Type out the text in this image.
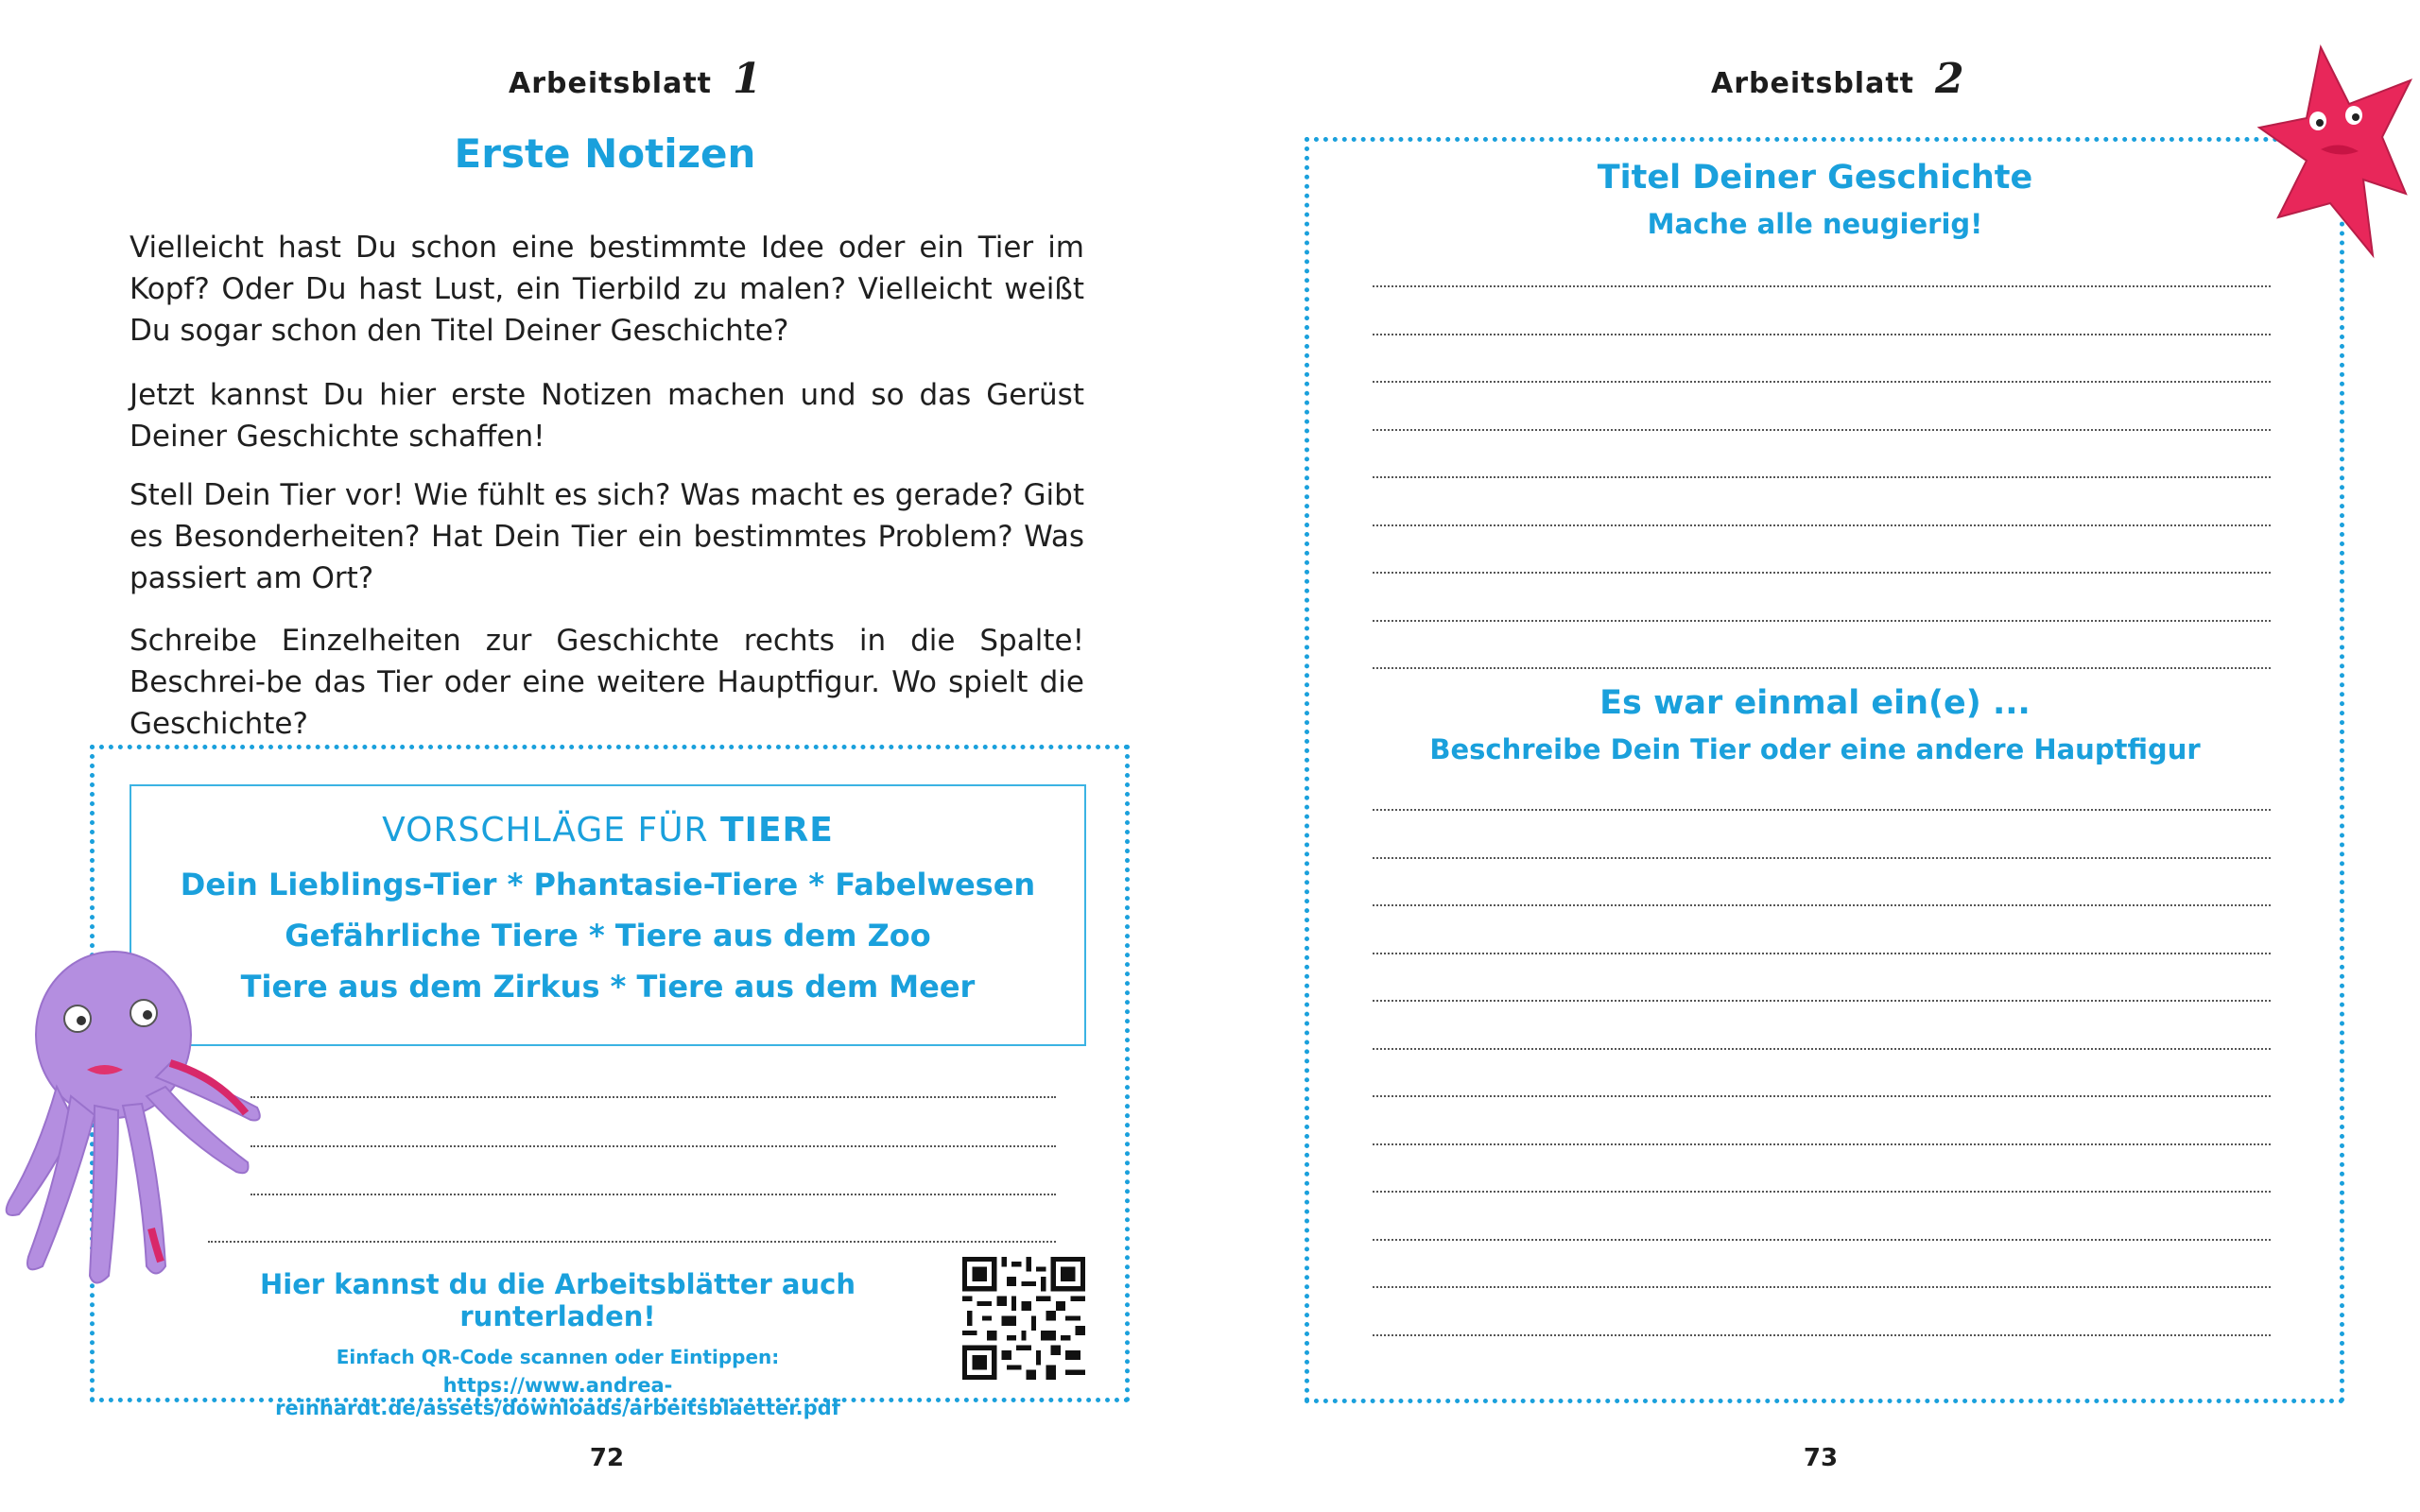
Arbeitsblatt 1
Erste Notizen
Vielleicht hast Du schon eine bestimmte Idee oder ein Tier im Kopf? Oder Du hast Lust, ein Tierbild zu malen? Vielleicht weißt Du sogar schon den Titel Deiner Geschichte?
Jetzt kannst Du hier erste Notizen machen und so das Gerüst Deiner Geschichte schaffen!
Stell Dein Tier vor! Wie fühlt es sich? Was macht es gerade? Gibt es Besonderheiten? Hat Dein Tier ein bestimmtes Problem? Was passiert am Ort?
Schreibe Einzelheiten zur Geschichte rechts in die Spalte! Beschrei-be das Tier oder eine weitere Hauptfigur. Wo spielt die Geschichte?
VORSCHLÄGE FÜR TIERE
Dein Lieblings-Tier * Phantasie-Tiere * Fabelwesen
Gefährliche Tiere * Tiere aus dem Zoo
Tiere aus dem Zirkus * Tiere aus dem Meer
Hier kannst du die Arbeitsblätter auch runterladen!
Einfach QR-Code scannen oder Eintippen:
https://www.andrea-reinhardt.de/assets/downloads/arbeitsblaetter.pdf
72
Arbeitsblatt 2
Titel Deiner Geschichte
Mache alle neugierig!
Es war einmal ein(e) ...
Beschreibe Dein Tier oder eine andere Hauptfigur
73
